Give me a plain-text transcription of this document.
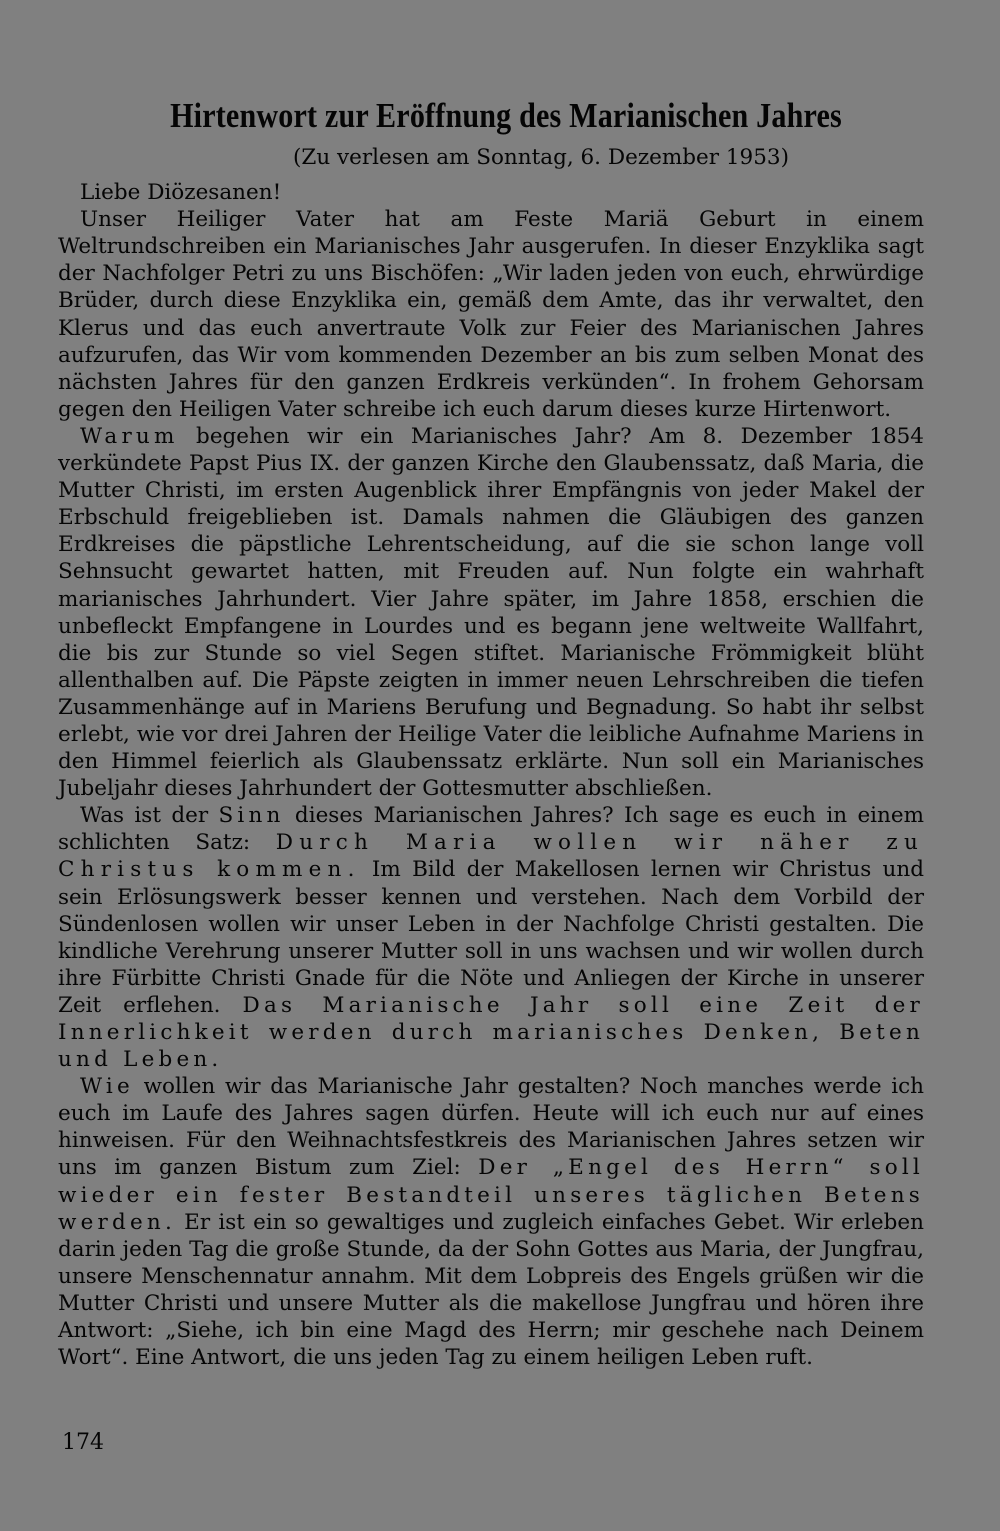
Hirtenwort zur Eröffnung des Marianischen Jahres
(Zu verlesen am Sonntag, 6. Dezember 1953)
Liebe Diözesanen!

Unser Heiliger Vater hat am Feste Mariä Geburt in einem Weltrundschreiben ein Marianisches Jahr ausgerufen. In dieser Enzyklika sagt der Nachfolger Petri zu uns Bischöfen: „Wir laden jeden von euch, ehrwürdige Brüder, durch diese Enzyklika ein, gemäß dem Amte, das ihr verwaltet, den Klerus und das euch anvertraute Volk zur Feier des Marianischen Jahres aufzurufen, das Wir vom kommenden Dezember an bis zum selben Monat des nächsten Jahres für den ganzen Erdkreis verkünden“. In frohem Gehorsam gegen den Heiligen Vater schreibe ich euch darum dieses kurze Hirtenwort.

Warum begehen wir ein Marianisches Jahr? Am 8. Dezember 1854 verkündete Papst Pius IX. der ganzen Kirche den Glaubenssatz, daß Maria, die Mutter Christi, im ersten Augenblick ihrer Empfängnis von jeder Makel der Erbschuld freigeblieben ist. Damals nahmen die Gläubigen des ganzen Erdkreises die päpstliche Lehrentscheidung, auf die sie schon lange voll Sehnsucht gewartet hatten, mit Freuden auf. Nun folgte ein wahrhaft marianisches Jahrhundert. Vier Jahre später, im Jahre 1858, erschien die unbefleckt Empfangene in Lourdes und es begann jene weltweite Wallfahrt, die bis zur Stunde so viel Segen stiftet. Marianische Frömmigkeit blüht allenthalben auf. Die Päpste zeigten in immer neuen Lehrschreiben die tiefen Zusammenhänge auf in Mariens Berufung und Begnadung. So habt ihr selbst erlebt, wie vor drei Jahren der Heilige Vater die leibliche Aufnahme Mariens in den Himmel feierlich als Glaubenssatz erklärte. Nun soll ein Marianisches Jubeljahr dieses Jahrhundert der Gottesmutter abschließen.

Was ist der Sinn dieses Marianischen Jahres? Ich sage es euch in einem schlichten Satz: Durch Maria wollen wir näher zu Christus kommen. Im Bild der Makellosen lernen wir Christus und sein Erlösungswerk besser kennen und verstehen. Nach dem Vorbild der Sündenlosen wollen wir unser Leben in der Nachfolge Christi gestalten. Die kindliche Verehrung unserer Mutter soll in uns wachsen und wir wollen durch ihre Fürbitte Christi Gnade für die Nöte und Anliegen der Kirche in unserer Zeit erflehen. Das Marianische Jahr soll eine Zeit der Innerlichkeit werden durch marianisches Denken, Beten und Leben.

Wie wollen wir das Marianische Jahr gestalten? Noch manches werde ich euch im Laufe des Jahres sagen dürfen. Heute will ich euch nur auf eines hinweisen. Für den Weihnachtsfestkreis des Marianischen Jahres setzen wir uns im ganzen Bistum zum Ziel: Der „Engel des Herrn“ soll wieder ein fester Bestandteil unseres täglichen Betens werden. Er ist ein so gewaltiges und zugleich einfaches Gebet. Wir erleben darin jeden Tag die große Stunde, da der Sohn Gottes aus Maria, der Jungfrau, unsere Menschennatur annahm. Mit dem Lobpreis des Engels grüßen wir die Mutter Christi und unsere Mutter als die makellose Jungfrau und hören ihre Antwort: „Siehe, ich bin eine Magd des Herrn; mir geschehe nach Deinem Wort“. Eine Antwort, die uns jeden Tag zu einem heiligen Leben ruft.

174
